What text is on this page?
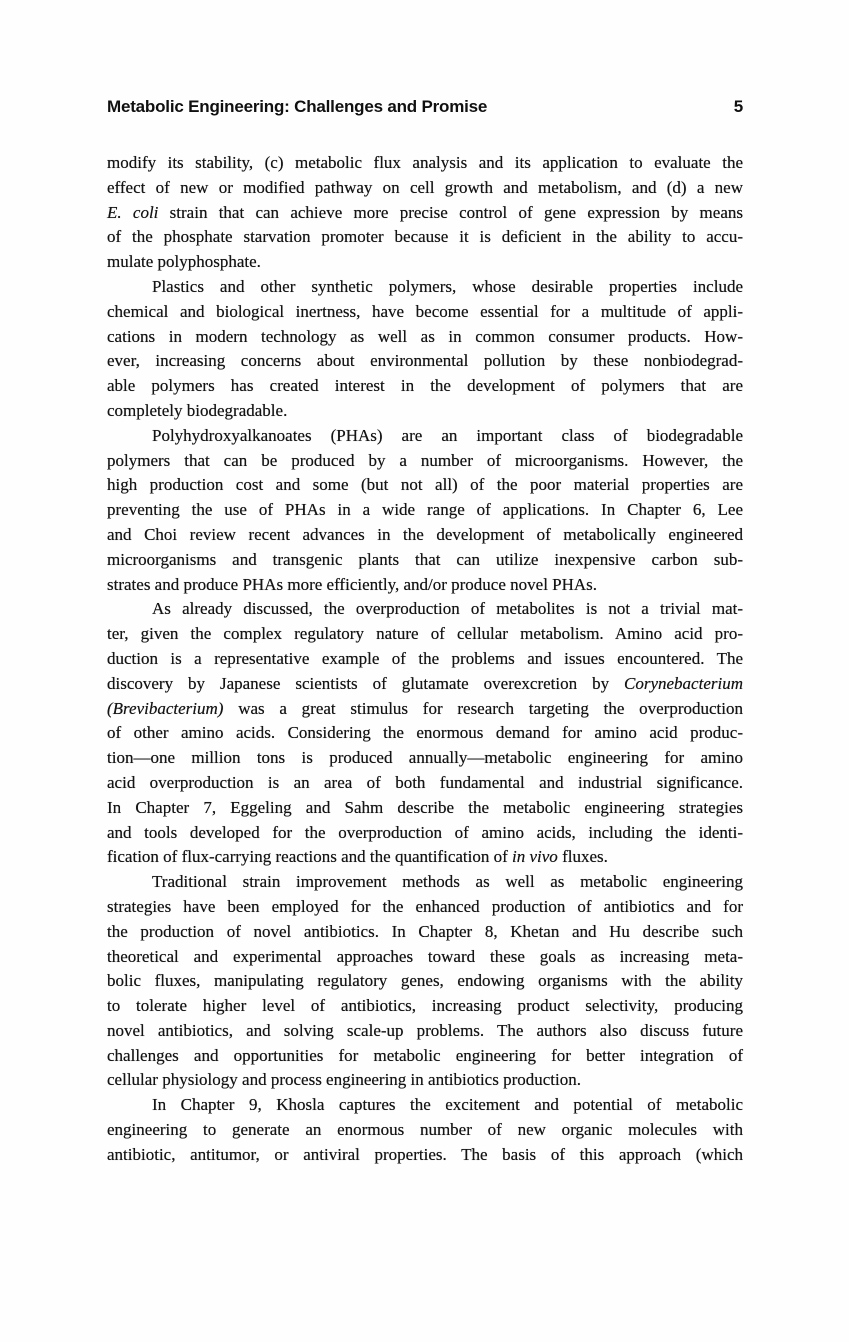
Metabolic Engineering: Challenges and Promise	5
modify its stability, (c) metabolic flux analysis and its application to evaluate the
effect of new or modified pathway on cell growth and metabolism, and (d) a new
E. coli strain that can achieve more precise control of gene expression by means
of the phosphate starvation promoter because it is deficient in the ability to accu-
mulate polyphosphate.
Plastics and other synthetic polymers, whose desirable properties include
chemical and biological inertness, have become essential for a multitude of appli-
cations in modern technology as well as in common consumer products. How-
ever, increasing concerns about environmental pollution by these nonbiodegrad-
able polymers has created interest in the development of polymers that are
completely biodegradable.
Polyhydroxyalkanoates (PHAs) are an important class of biodegradable
polymers that can be produced by a number of microorganisms. However, the
high production cost and some (but not all) of the poor material properties are
preventing the use of PHAs in a wide range of applications. In Chapter 6, Lee
and Choi review recent advances in the development of metabolically engineered
microorganisms and transgenic plants that can utilize inexpensive carbon sub-
strates and produce PHAs more efficiently, and/or produce novel PHAs.
As already discussed, the overproduction of metabolites is not a trivial mat-
ter, given the complex regulatory nature of cellular metabolism. Amino acid pro-
duction is a representative example of the problems and issues encountered. The
discovery by Japanese scientists of glutamate overexcretion by Corynebacterium
(Brevibacterium) was a great stimulus for research targeting the overproduction
of other amino acids. Considering the enormous demand for amino acid produc-
tion—one million tons is produced annually—metabolic engineering for amino
acid overproduction is an area of both fundamental and industrial significance.
In Chapter 7, Eggeling and Sahm describe the metabolic engineering strategies
and tools developed for the overproduction of amino acids, including the identi-
fication of flux-carrying reactions and the quantification of in vivo fluxes.
Traditional strain improvement methods as well as metabolic engineering
strategies have been employed for the enhanced production of antibiotics and for
the production of novel antibiotics. In Chapter 8, Khetan and Hu describe such
theoretical and experimental approaches toward these goals as increasing meta-
bolic fluxes, manipulating regulatory genes, endowing organisms with the ability
to tolerate higher level of antibiotics, increasing product selectivity, producing
novel antibiotics, and solving scale-up problems. The authors also discuss future
challenges and opportunities for metabolic engineering for better integration of
cellular physiology and process engineering in antibiotics production.
In Chapter 9, Khosla captures the excitement and potential of metabolic
engineering to generate an enormous number of new organic molecules with
antibiotic, antitumor, or antiviral properties. The basis of this approach (which
